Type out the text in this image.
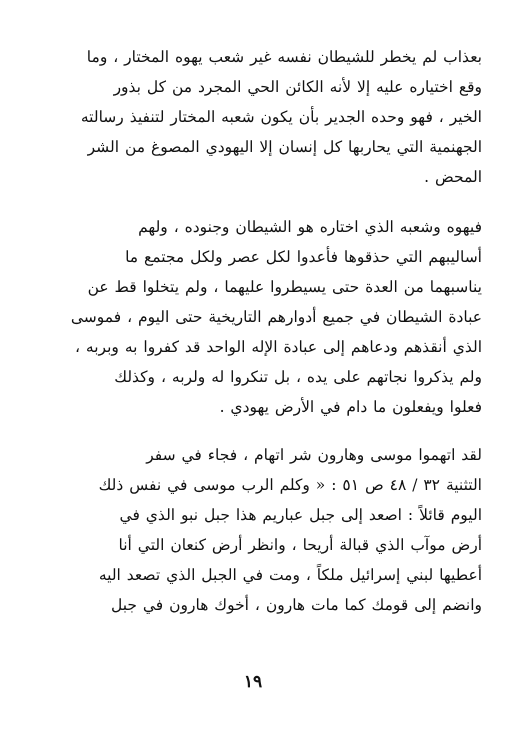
بعذاب لم يخطر للشيطان نفسه غير شعب يهوه المختار ، وما
وقع اختياره عليه إلا لأنه الكائن الحي المجرد من كل بذور
الخير ، فهو وحده الجدير بأن يكون شعبه المختار لتنفيذ رسالته
الجهنمية التي يحاربها كل إنسان إلا اليهودي المصوغ من الشر
المحض .

فيهوه وشعبه الذي اختاره هو الشيطان وجنوده ، ولهم
أساليبهم التي حذقوها فأعدوا لكل عصر ولكل مجتمع ما
يناسبهما من العدة حتى يسيطروا عليهما ، ولم يتخلوا قط عن
عبادة الشيطان في جميع أدوارهم التاريخية حتى اليوم ، فموسى
الذي أنقذهم ودعاهم إلى عبادة الإله الواحد قد كفروا به وبربه ،
ولم يذكروا نجاتهم على يده ، بل تنكروا له ولربه ، وكذلك
فعلوا ويفعلون ما دام في الأرض يهودي .

لقد اتهموا موسى وهارون شر اتهام ، فجاء في سفر
التثنية ٣٢ / ٤٨ ص ٥١ : « وكلم الرب موسى في نفس ذلك
اليوم قائلاً : اصعد إلى جبل عباريم هذا جبل نبو الذي في
أرض موآب الذي قبالة أريحا ، وانظر أرض كنعان التي أنا
أعطيها لبني إسرائيل ملكاً ، ومت في الجبل الذي تصعد اليه
وانضم إلى قومك كما مات هارون ، أخوك هارون في جبل

١٩
